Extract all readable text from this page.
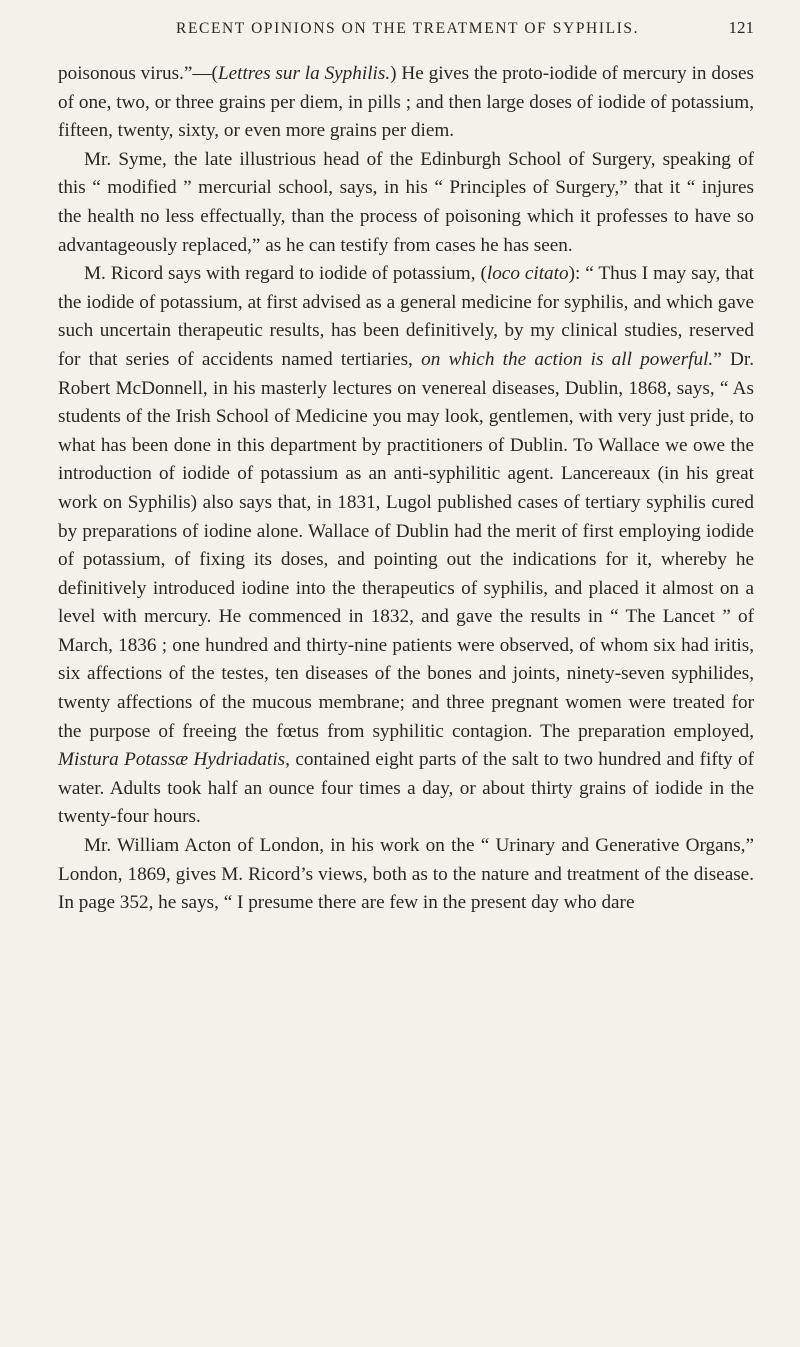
RECENT OPINIONS ON THE TREATMENT OF SYPHILIS.	121

poisonous virus.”—(Lettres sur la Syphilis.) He gives the proto-iodide of mercury in doses of one, two, or three grains per diem, in pills ; and then large doses of iodide of potassium, fifteen, twenty, sixty, or even more grains per diem.

Mr. Syme, the late illustrious head of the Edinburgh School of Surgery, speaking of this “ modified ” mercurial school, says, in his “ Principles of Surgery,” that it “ injures the health no less effectually, than the process of poisoning which it professes to have so advantageously replaced,” as he can testify from cases he has seen.

M. Ricord says with regard to iodide of potassium, (loco citato): “ Thus I may say, that the iodide of potassium, at first advised as a general medicine for syphilis, and which gave such uncertain therapeutic results, has been definitively, by my clinical studies, reserved for that series of accidents named tertiaries, on which the action is all powerful.” Dr. Robert McDonnell, in his masterly lectures on venereal diseases, Dublin, 1868, says, “ As students of the Irish School of Medicine you may look, gentlemen, with very just pride, to what has been done in this department by practitioners of Dublin. To Wallace we owe the introduction of iodide of potassium as an anti-syphilitic agent. Lancereaux (in his great work on Syphilis) also says that, in 1831, Lugol published cases of tertiary syphilis cured by preparations of iodine alone. Wallace of Dublin had the merit of first employing iodide of potassium, of fixing its doses, and pointing out the indications for it, whereby he definitively introduced iodine into the therapeutics of syphilis, and placed it almost on a level with mercury. He commenced in 1832, and gave the results in “ The Lancet ” of March, 1836 ; one hundred and thirty-nine patients were observed, of whom six had iritis, six affections of the testes, ten diseases of the bones and joints, ninety-seven syphilides, twenty affections of the mucous membrane; and three pregnant women were treated for the purpose of freeing the fœtus from syphilitic contagion. The preparation employed, Mistura Potassæ Hydriadatis, contained eight parts of the salt to two hundred and fifty of water. Adults took half an ounce four times a day, or about thirty grains of iodide in the twenty-four hours.

Mr. William Acton of London, in his work on the “ Urinary and Generative Organs,” London, 1869, gives M. Ricord’s views, both as to the nature and treatment of the disease. In page 352, he says, “ I presume there are few in the present day who dare
